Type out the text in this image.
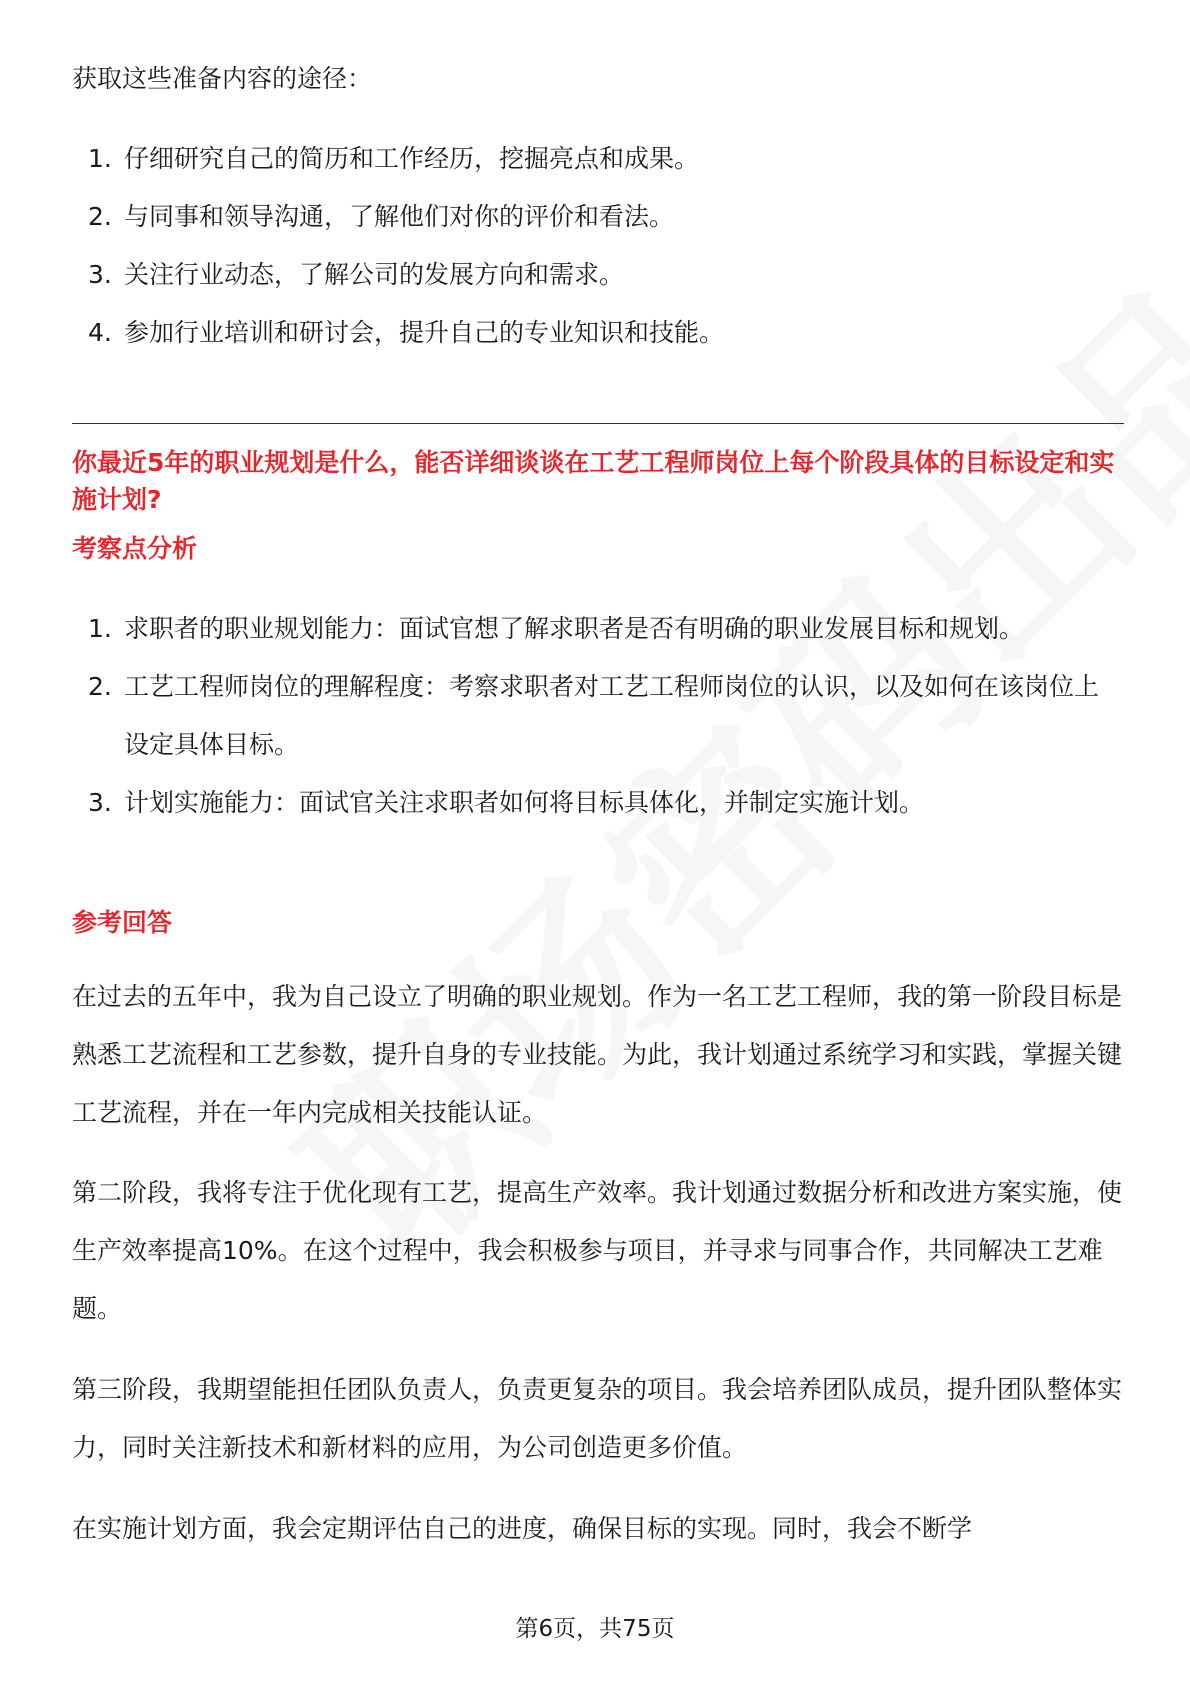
获取这些准备内容的途径：
1. 仔细研究自己的简历和工作经历，挖掘亮点和成果。
2. 与同事和领导沟通，了解他们对你的评价和看法。
3. 关注行业动态，了解公司的发展方向和需求。
4. 参加行业培训和研讨会，提升自己的专业知识和技能。
你最近5年的职业规划是什么，能否详细谈谈在工艺工程师岗位上每个阶段具体的目标设定和实施计划?
考察点分析
1. 求职者的职业规划能力：面试官想了解求职者是否有明确的职业发展目标和规划。
2. 工艺工程师岗位的理解程度：考察求职者对工艺工程师岗位的认识，以及如何在该岗位上设定具体目标。
3. 计划实施能力：面试官关注求职者如何将目标具体化，并制定实施计划。
参考回答

在过去的五年中，我为自己设立了明确的职业规划。作为一名工艺工程师，我的第一阶段目标是熟悉工艺流程和工艺参数，提升自身的专业技能。为此，我计划通过系统学习和实践，掌握关键工艺流程，并在一年内完成相关技能认证。

第二阶段，我将专注于优化现有工艺，提高生产效率。我计划通过数据分析和改进方案实施，使生产效率提高10%。在这个过程中，我会积极参与项目，并寻求与同事合作，共同解决工艺难题。

第三阶段，我期望能担任团队负责人，负责更复杂的项目。我会培养团队成员，提升团队整体实力，同时关注新技术和新材料的应用，为公司创造更多价值。

在实施计划方面，我会定期评估自己的进度，确保目标的实现。同时，我会不断学

第6页，共75页
